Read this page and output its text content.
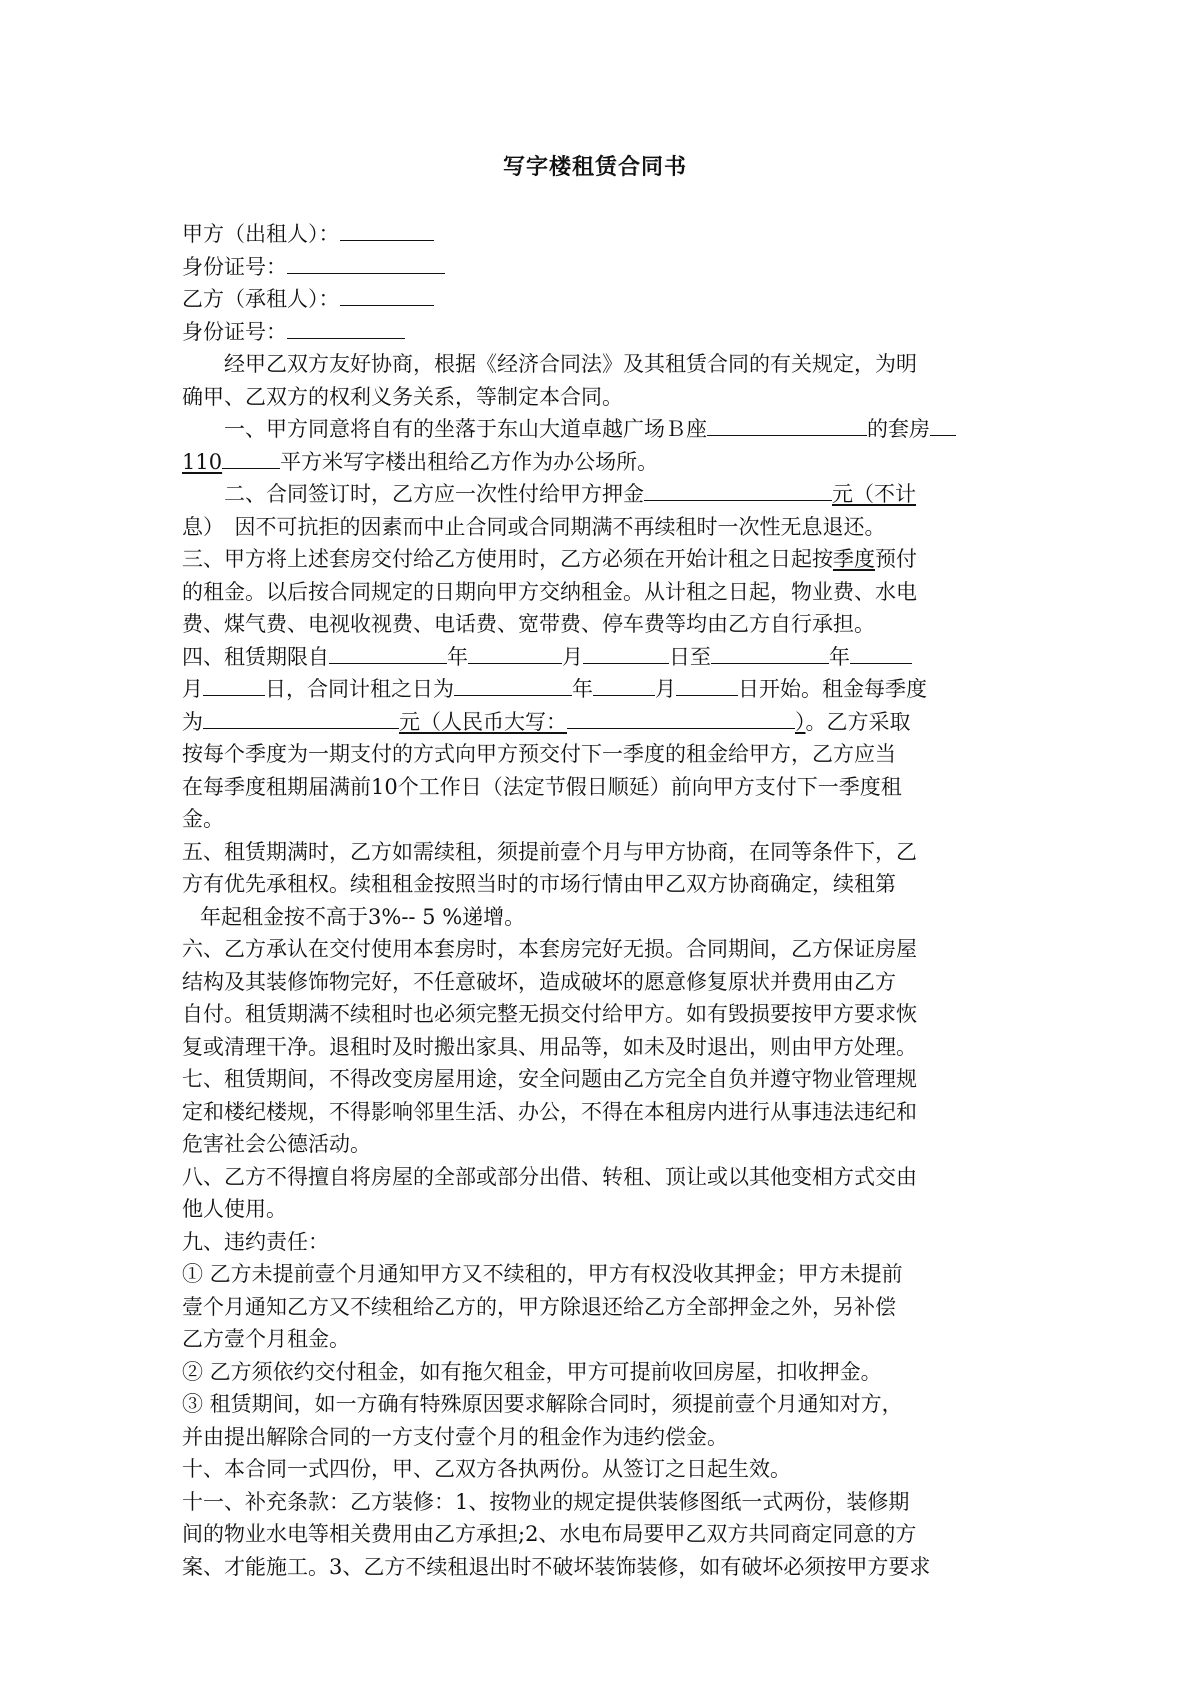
写字楼租赁合同书
甲方（出租人）：
身份证号：
乙方（承租人）：
身份证号：
经甲乙双方友好协商，根据《经济合同法》及其租赁合同的有关规定，为明
确甲、乙双方的权利义务关系，等制定本合同。
一、甲方同意将自有的坐落于东山大道卓越广场Ｂ座	的套房
110	平方米写字楼出租给乙方作为办公场所。
二、合同签订时，乙方应一次性付给甲方押金	元（不计
息）　因不可抗拒的因素而中止合同或合同期满不再续租时一次性无息退还。
三、甲方将上述套房交付给乙方使用时，乙方必须在开始计租之日起按季度预付
的租金。以后按合同规定的日期向甲方交纳租金。从计租之日起，物业费、水电
费、煤气费、电视收视费、电话费、宽带费、停车费等均由乙方自行承担。
四、租赁期限自	年	月	日至	年
月	日，合同计租之日为	年	月	日开始。租金每季度
为	元（人民币大写：	）。乙方采取
按每个季度为一期支付的方式向甲方预交付下一季度的租金给甲方，乙方应当
在每季度租期届满前10个工作日（法定节假日顺延）前向甲方支付下一季度租
金。
五、租赁期满时，乙方如需续租，须提前壹个月与甲方协商，在同等条件下，乙
方有优先承租权。续租租金按照当时的市场行情由甲乙双方协商确定，续租第
年起租金按不高于3%-- 5 %递增。
六、乙方承认在交付使用本套房时，本套房完好无损。合同期间，乙方保证房屋
结构及其装修饰物完好，不任意破坏，造成破坏的愿意修复原状并费用由乙方
自付。租赁期满不续租时也必须完整无损交付给甲方。如有毁损要按甲方要求恢
复或清理干净。退租时及时搬出家具、用品等，如未及时退出，则由甲方处理。
七、租赁期间，不得改变房屋用途，安全问题由乙方完全自负并遵守物业管理规
定和楼纪楼规，不得影响邻里生活、办公，不得在本租房内进行从事违法违纪和
危害社会公德活动。
八、乙方不得擅自将房屋的全部或部分出借、转租、顶让或以其他变相方式交由
他人使用。
九、违约责任：
① 乙方未提前壹个月通知甲方又不续租的，甲方有权没收其押金；甲方未提前
壹个月通知乙方又不续租给乙方的，甲方除退还给乙方全部押金之外，另补偿
乙方壹个月租金。
② 乙方须依约交付租金，如有拖欠租金，甲方可提前收回房屋，扣收押金。
③ 租赁期间，如一方确有特殊原因要求解除合同时，须提前壹个月通知对方，
并由提出解除合同的一方支付壹个月的租金作为违约偿金。
十、本合同一式四份，甲、乙双方各执两份。从签订之日起生效。
十一、补充条款：乙方装修：1、按物业的规定提供装修图纸一式两份，装修期
间的物业水电等相关费用由乙方承担;2、水电布局要甲乙双方共同商定同意的方
案、才能施工。3、乙方不续租退出时不破坏装饰装修，如有破坏必须按甲方要求
